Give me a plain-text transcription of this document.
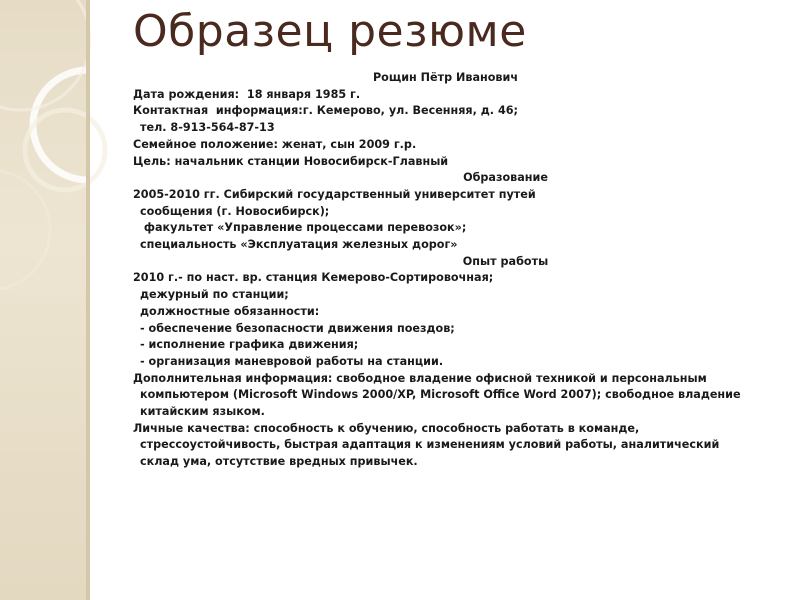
Образец резюме
Рощин Пётр Иванович
Дата рождения:  18 января 1985 г.
Контактная  информация:г. Кемерово, ул. Весенняя, д. 46;
тел. 8-913-564-87-13
Семейное положение: женат, сын 2009 г.р.
Цель: начальник станции Новосибирск-Главный
Образование
2005-2010 гг. Сибирский государственный университет путей
сообщения (г. Новосибирск);
факультет «Управление процессами перевозок»;
специальность «Эксплуатация железных дорог»
Опыт работы
2010 г.- по наст. вр. станция Кемерово-Сортировочная;
дежурный по станции;
должностные обязанности:
- обеспечение безопасности движения поездов;
- исполнение графика движения;
- организация маневровой работы на станции.
Дополнительная информация: свободное владение офисной техникой и персональным компьютером (Microsoft Windows 2000/XP, Microsoft Office Word 2007); свободное владение китайским языком.
Личные качества: способность к обучению, способность работать в команде, стрессоустойчивость, быстрая адаптация к изменениям условий работы, аналитический склад ума, отсутствие вредных привычек.
